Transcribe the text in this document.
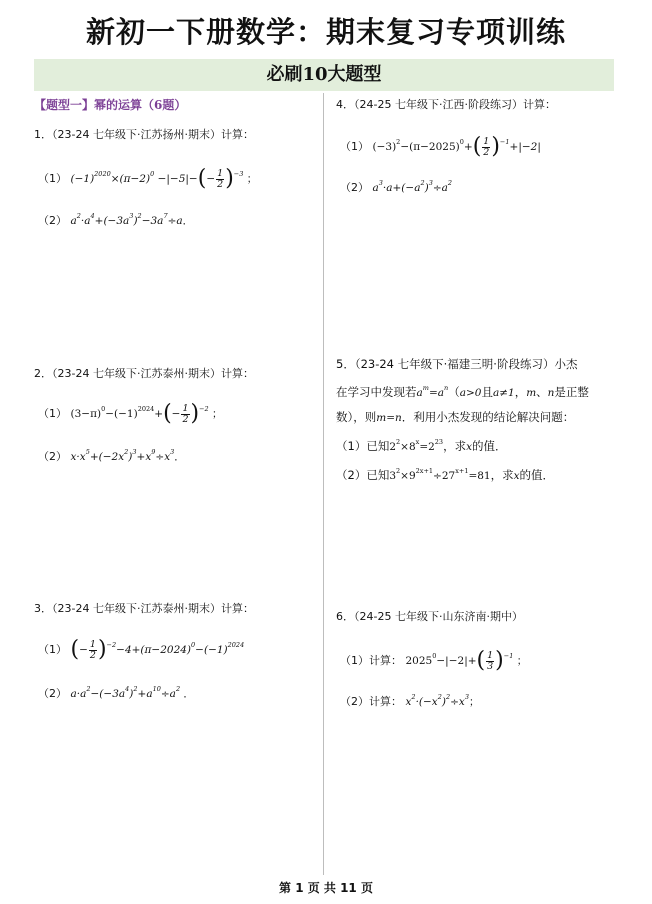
新初一下册数学：期末复习专项训练
必刷10大题型
【题型一】幂的运算（6题）
1．（23-24 七年级下·江苏扬州·期末）计算：
（1） $(-1)^{2020}\times(\pi-2)^0 -|-5|-(- \frac{1}{2} )^{-3}$ ；
（2） $a^2\cdot a^4+(-3a^3)^2-3a^7\div a$．
2．（23-24 七年级下·江苏泰州·期末）计算：
（1） $(3-\pi)^0-(-1)^{2024}+(- \frac{1}{2} )^{-2}$ ；
（2） $x\cdot x^5+(-2x^2)^3+x^9\div x^3$．
3．（23-24 七年级下·江苏泰州·期末）计算：
（1） (− $\frac{1}{2} )^{-2}-4+(\pi-2024)^0-(-1)^{2024}$
（2） $a\cdot a^2-(-3a^4)^2+a^{10}\div a^2$ ．
4．（24-25 七年级下·江西·阶段练习）计算：
（1） $(-3)^2-(\pi-2025)^0+( \frac{1}{2} )^{-1}+|-2|$
（2） $a^3\cdot a+(-a^2)^3\div a^2$
5．（23-24 七年级下·福建三明·阶段练习）小杰
在学习中发现若$a^m=a^n(a>0$且a≠1，m、n是正整
数），则m=n．利用小杰发现的结论解决问题：
（1）已知$2^2\times 8^x=2^{23}$，求x的值．
（2）已知$3^2\times 9^{2x+1}\div 27^{x+1}=81$，求x的值．
6．（24-25 七年级下·山东济南·期中）
（1）计算： $2025^0-|-2|+( \frac{1}{3} )^{-1}$ ；
（2）计算： $x^2\cdot(-x^2)^2\div x^3$；
第 1 页 共 11 页
